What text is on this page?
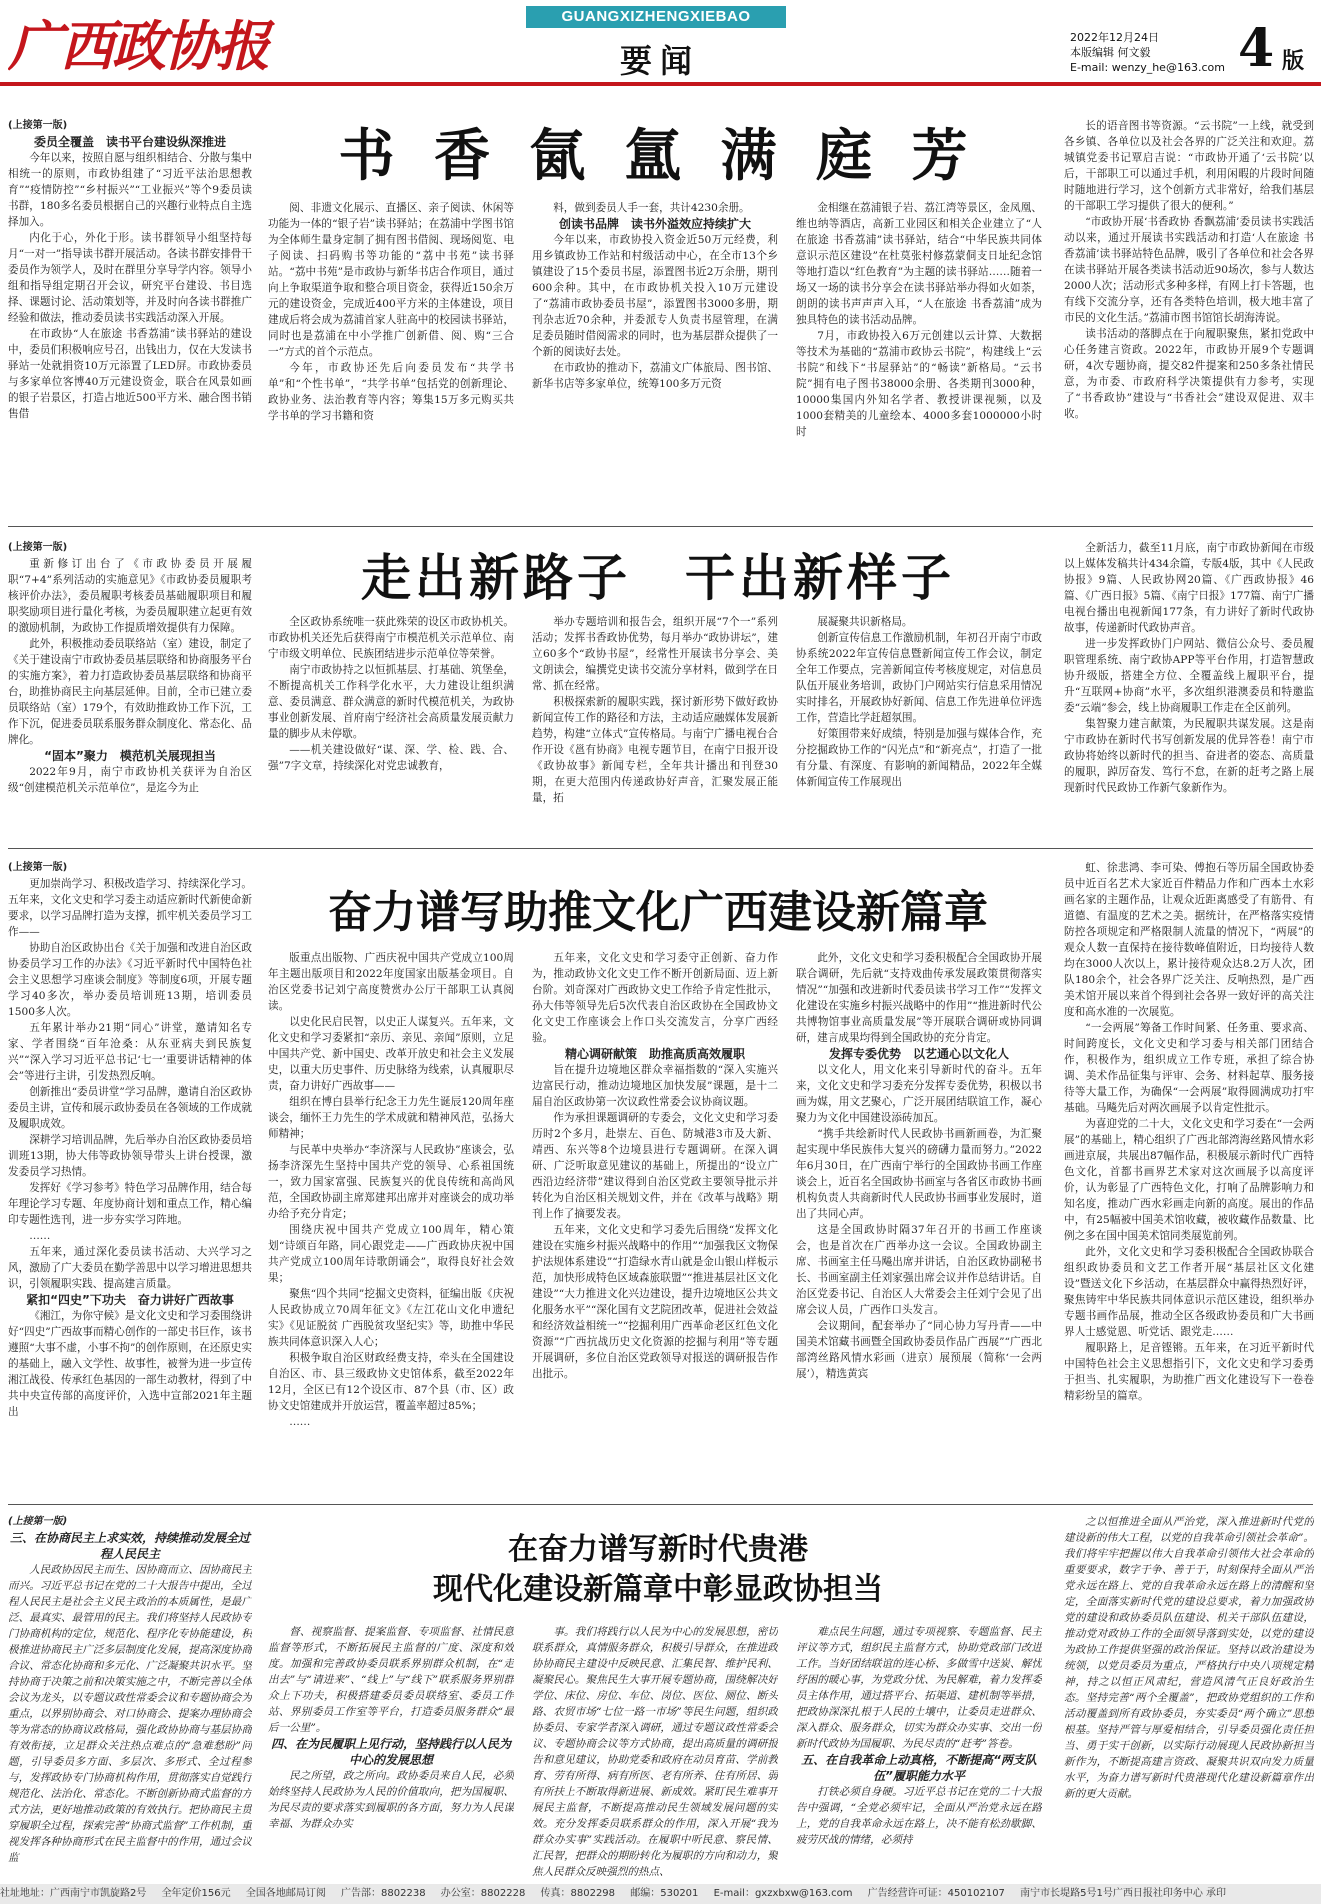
广西政协报	GUANGXIZHENGXIEBAO
要闻
2022年12月24日
本版编辑 何文毅
E-mail: wenzy_he@163.com 4 版

(上接第一版)

委员全覆盖　读书平台建设纵深推进

今年以来，按照自愿与组织相结合、分散与集中相统一的原则，市政协组建了“习近平法治思想教育”“疫情防控”“乡村振兴”“工业振兴”等个9委员读书群，180多名委员根据自己的兴趣行业特点自主选择加入。

内化于心，外化于形。读书群领导小组坚持每月“一对一”指导读书群开展活动。各读书群安排骨干委员作为领学人，及时在群里分享导学内容。领导小组和指导组定期召开会议，研究平台建设、书目选择、课题讨论、活动策划等，并及时向各读书群推广经验和做法，推动委员读书实践活动深入开展。

在市政协“人在旅途 书香荔浦”读书驿站的建设中，委员们积极响应号召，出钱出力，仅在大发读书驿站一处就捐资10万元添置了LED屏。市政协委员与多家单位客博40万元建设资金，联合在风景如画的银子岩景区，打造占地近500平方米、融合图书销售借

书 香 氤 氲 满 庭 芳

阅、非遗文化展示、直播区、亲子阅读、休闲等功能为一体的“银子岩”读书驿站；在荔浦中学图书馆为全体师生量身定制了拥有图书借阅、现场阅览、电子阅读、扫码购书等功能的“荔中书苑”读书驿站。“荔中书苑”是市政协与新华书店合作项目，通过向上争取渠道争取和整合项目资金，获得近150余万元的建设资金，完成近400平方米的主体建设，项目建成后将会成为荔浦首家人驻高中的校园读书驿站，同时也是荔浦在中小学推广创新借、阅、购“三合一”方式的首个示范点。

今年，市政协还先后向委员发布“共学书单”和“个性书单”，“共学书单”包括党的创新理论、政协业务、法治教育等内容；筹集15万多元购买共学书单的学习书籍和资

料，做到委员人手一套，共计4230余册。

创读书品牌　读书外溢效应持续扩大

今年以来，市政协投入资金近50万元经费，利用乡镇政协工作站和村级活动中心，在全市13个乡镇建设了15个委员书屋，添置图书近2万余册，期刊600余种。其中，在市政协机关投入10万元建设了“荔浦市政协委员书屋”，添置图书3000多册，期刊杂志近70余种，并委派专人负责书屋管理，在满足委员随时借阅需求的同时，也为基层群众提供了一个新的阅读好去处。

在市政协的推动下，荔浦文广体旅局、图书馆、新华书店等多家单位，统筹100多万元资

金相继在荔浦银子岩、荔江湾等景区，金凤凰、维也纳等酒店，高新工业园区和相关企业建立了“人在旅途 书香荔浦”读书驿站，结合“中华民族共同体意识示范区建设”在杜莫张村修荔蒙侗支日址纪念馆等地打造以“红色教育”为主题的读书驿站……随着一场又一场的读书分享会在读书驿站举办得如火如荼，朗朗的读书声声声入耳，“人在旅途 书香荔浦”成为独具特色的读书活动品牌。

7月，市政协投入6万元创建以云计算、大数据等技术为基础的“荔浦市政协云书院”，构建线上“云书院”和线下“书屋驿站”的“畅读”新格局。“云书院”拥有电子图书38000余册、各类期刊3000种，10000集国内外知名学者、教授讲课视频，以及1000套精美的儿童绘本、4000多套1000000小时时

长的语音图书等资源。“云书院”一上线，就受到各乡镇、各单位以及社会各界的广泛关注和欢迎。荔城镇党委书记覃启吉说：“市政协开通了‘云书院’以后，干部职工可以通过手机，利用闲暇的片段时间随时随地进行学习，这个创新方式非常好，给我们基层的干部职工学习提供了很大的便利。”

“市政协开展‘书香政协 香飘荔浦’委员读书实践活动以来，通过开展读书实践活动和打造‘人在旅途 书香荔浦’读书驿站特色品牌，吸引了各单位和社会各界在读书驿站开展各类读书活动近90场次，参与人数达2000人次；活动形式多种多样，有网上打卡答题，也有线下交流分享，还有各类特色培训，极大地丰富了市民的文化生活。”荔浦市图书馆馆长胡海涛说。

读书活动的落脚点在于向履职聚焦，紧扣党政中心任务建言资政。2022年，市政协开展9个专题调研，4次专题协商，提交82件提案和250多条社情民意，为市委、市政府科学决策提供有力参考，实现了“书香政协”建设与“书香社会”建设双促进、双丰收。

(上接第一版)

重新修订出台了《市政协委员开展履职“7+4”系列活动的实施意见》《市政协委员履职考核评价办法》，委员履职考核委员基础履职项目和履职奖励项目进行量化考核，为委员履职建立起更有效的激励机制，为政协工作提质增效提供有力保障。

此外，积极推动委员联络站（室）建设，制定了《关于建设南宁市政协委员基层联络和协商服务平台的实施方案》，着力打造政协委员基层联络和协商平台，助推协商民主向基层延伸。目前，全市已建立委员联络站（室）179个，有效助推政协工作下沉，工作下沉，促进委员联系服务群众制度化、常态化、品牌化。

“固本”聚力　模范机关展现担当

2022年9月，南宁市政协机关获评为自治区级“创建模范机关示范单位”，是迄今为止

走出新路子　干出新样子

全区政协系统唯一获此殊荣的设区市政协机关。市政协机关还先后获得南宁市模范机关示范单位、南宁市级文明单位、民族团结进步示范单位等荣誉。

南宁市政协持之以恒抓基层、打基础、筑堡垒，不断提高机关工作科学化水平，大力建设让组织满意、委员满意、群众满意的新时代模范机关，为政协事业创新发展、首府南宁经济社会高质量发展贡献力量的脚步从未停歇。

——机关建设做好“谋、深、学、检、践、合、强”7字文章，持续深化对党忠诚教育，

举办专题培训和报告会，组织开展“7个一”系列活动；发挥书香政协优势，每月举办“政协讲坛”，建立60多个“政协书屋”，经常性开展读书分享会、美文朗读会，编撰党史读书交流分享材料，做到学在日常、抓在经常。

积极探索新的履职实践，探讨新形势下做好政协新闻宣传工作的路径和方法，主动适应融媒体发展新趋势，构建“立体式”宣传格局。与南宁广播电视台合作开设《邕有协商》电视专题节目，在南宁日报开设《政协故事》新闻专栏，全年共计播出和刊登30期，在更大范围内传递政协好声音，汇聚发展正能量，拓

展凝聚共识新格局。

创新宣传信息工作激励机制，年初召开南宁市政协系统2022年宣传信息暨新闻宣传工作会议，制定全年工作要点，完善新闻宣传考核度规定，对信息员队伍开展业务培训，政协门户网站实行信息采用情况实时排名，开展政协好新闻、信息工作先进单位评选工作，营造比学赶超氛围。

好策围带来好成绩，特别是加强与媒体合作，充分挖掘政协工作的“闪光点”和“新亮点”，打造了一批有分量、有深度、有影响的新闻精品，2022年全媒体新闻宣传工作展现出

全新活力，截至11月底，南宁市政协新闻在市级以上媒体发稿共计434余篇，专版4版，其中《人民政协报》9篇、人民政协网20篇、《广西政协报》46篇、《广西日报》5篇、《南宁日报》177篇、南宁广播电视台播出电视新闻177条，有力讲好了新时代政协故事，传递新时代政协声音。

进一步发挥政协门户网站、微信公众号、委员履职管理系统、南宁政协APP等平台作用，打造智慧政协升级版，搭建全方位、全覆盖线上履职平台，提升“互联网+协商”水平，多次组织港澳委员和特邀监委“云端”参会，线上协商履职工作走在全区前列。

集智聚力建言献策，为民履职共谋发展。这是南宁市政协在新时代书写创新发展的优异答卷！南宁市政协将始终以新时代的担当、奋进者的姿态、高质量的履职，踔厉奋发、笃行不怠，在新的赶考之路上展现新时代民政协工作新气象新作为。

(上接第一版)

更加崇尚学习、积极改造学习、持续深化学习。五年来，文化文史和学习委主动适应新时代新使命新要求，以学习品牌打造为支撑，抓牢机关委员学习工作——

协助自治区政协出台《关于加强和改进自治区政协委员学习工作的办法》《习近平新时代中国特色社会主义思想学习座谈会制度》等制度6项，开展专题学习40多次，举办委员培训班13期，培训委员1500多人次。

五年累计举办21期“同心”讲堂，邀请知名专家、学者围绕“百年沧桑：从东亚病夫到民族复兴”“深入学习习近平总书记‘七一’重要讲话精神的体会”等进行主讲，引发热烈反响。

创新推出“委员讲堂”学习品牌，邀请自治区政协委员主讲，宣传和展示政协委员在各领域的工作成就及履职成效。

深耕学习培训品牌，先后举办自治区政协委员培训班13期，协大伟等政协领导带头上讲台授课，激发委员学习热情。

发挥好《学习参考》特色学习品牌作用，结合每年理论学习专题、年度协商计划和重点工作，精心编印专题性选刊，进一步夯实学习阵地。

……

五年来，通过深化委员读书活动、大兴学习之风，激励了广大委员在勤学善思中以学习增进思想共识，引领履职实践、提高建言质量。

紧扣“四史”下功夫　奋力讲好广西故事

《湘江，为你守候》是文化文史和学习委围绕讲好“四史”广西故事而精心创作的一部史书巨作，该书遵照“大事不虚，小事不拘”的创作原则，在还原史实的基础上，融入文学性、故事性，被誉为进一步宣传湘江战役、传承红色基因的一部生动教材，得到了中共中央宣传部的高度评价，入选中宣部2021年主题出

奋力谱写助推文化广西建设新篇章

版重点出版物、广西庆祝中国共产党成立100周年主题出版项目和2022年度国家出版基金项目。自治区党委书记刘宁高度赞赏办公厅干部职工认真阅读。

以史化民启民智，以史正人谋复兴。五年来，文化文史和学习委紧扣“亲历、亲见、亲闻”原则，立足中国共产党、新中国史、改革开放史和社会主义发展史，以重大历史事件、历史脉络为线索，认真履职尽责，奋力讲好广西故事——

组织在博白县举行纪念王力先生诞辰120周年座谈会，缅怀王力先生的学术成就和精神风范，弘扬大师精神；

与民革中央举办“李济深与人民政协”座谈会，弘扬李济深先生坚持中国共产党的领导、心系祖国统一，致力国家富强、民族复兴的优良传统和高尚风范，全国政协副主席郑建邦出席并对座谈会的成功举办给予充分肯定；

围绕庆祝中国共产党成立100周年，精心策划“诗颂百年路，同心跟党走——广西政协庆祝中国共产党成立100周年诗歌朗诵会”，取得良好社会效果；

聚焦“四个共同”挖掘文史资料，征编出版《庆祝人民政协成立70周年征文》《左江花山文化申遗纪实》《见证脱贫 广西脱贫攻坚纪实》等，助推中华民族共同体意识深入人心；

积极争取自治区财政经费支持，牵头在全国建设自治区、市、县三级政协文史馆体系，截至2022年12月，全区已有12个设区市、87个县（市、区）政协文史馆建成并开放运营，覆盖率超过85%；

……

五年来，文化文史和学习委守正创新、奋力作为，推动政协文化文史工作不断开创新局面、迈上新台阶。刘奇深对广西政协文史工作给予肯定性批示，孙大伟等领导先后5次代表自治区政协在全国政协文化文史工作座谈会上作口头交流发言，分享广西经验。

精心调研献策　助推高质高效履职

旨在提升边境地区群众幸福指数的“深入实施兴边富民行动，推动边境地区加快发展”课题，是十二届自治区政协第一次议政性常委会议协商议题。

作为承担课题调研的专委会，文化文史和学习委历时2个多月，赴崇左、百色、防城港3市及大新、靖西、东兴等8个边境县进行专题调研。在深入调研、广泛听取意见建议的基础上，所提出的“设立广西沿边经济带”建议得到自治区党政主要领导批示并转化为自治区相关规划文件，并在《改革与战略》期刊上作了摘要发表。

五年来，文化文史和学习委先后围绕“发挥文化建设在实施乡村振兴战略中的作用”“加强我区文物保护法规体系建设”“打造绿水青山就是金山银山样板示范，加快形成特色区域森旅联盟”“推进基层社区文化建设”“大力推进文化兴边建设，提升边境地区公共文化服务水平”“深化国有文艺院团改革，促进社会效益和经济效益相统一”“挖掘利用广西革命老区红色文化资源”“广西抗战历史文化资源的挖掘与利用”等专题开展调研，多位自治区党政领导对报送的调研报告作出批示。

此外，文化文史和学习委积极配合全国政协开展联合调研，先后就“支持戏曲传承发展政策贯彻落实情况”“加强和改进新时代委员读书学习工作”“发挥文化建设在实施乡村振兴战略中的作用”“推进新时代公共博物馆事业高质量发展”等开展联合调研或协同调研，建言成果均得到全国政协的充分肯定。

发挥专委优势　以艺通心以文化人

以文化人，用文化来引导新时代的奋斗。五年来，文化文史和学习委充分发挥专委优势，积极以书画为媒，用文艺聚心，广泛开展团结联谊工作，凝心聚力为文化中国建设添砖加瓦。

“携手共绘新时代人民政协书画新画卷，为汇聚起实现中华民族伟大复兴的磅礴力量而努力。”2022年6月30日，在广西南宁举行的全国政协书画工作座谈会上，近百名全国政协书画室与各省区市政协书画机构负责人共商新时代人民政协书画事业发展时，道出了共同心声。

这是全国政协时隔37年召开的书画工作座谈会，也是首次在广西举办这一会议。全国政协副主席、书画室主任马飚出席并讲话，自治区政协副秘书长、书画室副主任刘家强出席会议并作总结讲话。自治区党委书记、自治区人大常委会主任刘宁会见了出席会议人员，广西作口头发言。

会议期间，配套举办了“同心协力写丹青——中国美术馆藏书画暨全国政协委员作品广西展”“广西北部湾丝路风情水彩画（进京）展预展（简称‘一会两展’），精选黄宾

虹、徐悲鸿、李可染、傅抱石等历届全国政协委员中近百名艺术大家近百件精品力作和广西本土水彩画名家的主题作品，让观众近距离感受了有筋骨、有道德、有温度的艺术之美。据统计，在严格落实疫情防控各项规定和严格限制人流量的情况下，“两展”的观众人数一直保持在接待数峰值附近，日均接待人数均在3000人次以上，累计接待观众达8.2万人次，团队180余个，社会各界广泛关注、反响热烈，是广西美术馆开展以来首个得到社会各界一致好评的高关注度和高水准的一次展览。

“一会两展”筹备工作时间紧、任务重、要求高、时间跨度长，文化文史和学习委与相关部门团结合作，积极作为，组织成立工作专班，承担了综合协调、美术作品征集与评审、会务、材料起草、服务接待等大量工作，为确保“一会两展”取得圆满成功打牢基础。马飚先后对两次画展予以肯定性批示。

为喜迎党的二十大，文化文史和学习委在“一会两展”的基础上，精心组织了广西北部湾海丝路风情水彩画进京展，共展出87幅作品，积极展示新时代广西特色文化，首都书画界艺术家对这次画展予以高度评价，认为彰显了广西特色文化，打响了品牌影响力和知名度，推动广西水彩画走向新的高度。展出的作品中，有25幅被中国美术馆收藏，被收藏作品数量、比例之多在国中国美术馆同类展览前列。

此外，文化文史和学习委积极配合全国政协联合组织政协委员和文艺工作者开展“基层社区文化建设”暨送文化下乡活动，在基层群众中赢得热烈好评，聚焦铸牢中华民族共同体意识示范区建设，组织举办专题书画作品展，推动全区各级政协委员和广大书画界人士感觉恩、听党话、跟党走……

履职路上，足音铿锵。五年来，在习近平新时代中国特色社会主义思想指引下，文化文史和学习委勇于担当、扎实履职，为助推广西文化建设写下一卷卷精彩纷呈的篇章。

(上接第一版)

三、在协商民主上求实效，持续推动发展全过程人民民主

人民政协因民主而生、因协商而立、因协商民主而兴。习近平总书记在党的二十大报告中提出，全过程人民民主是社会主义民主政治的本质属性，是最广泛、最真实、最管用的民主。我们将坚持人民政协专门协商机构的定位，规范化、程序化专协能建设，积极推进协商民主广泛多层制度化发展，提高深度协商合议、常态化协商和多元化、广泛凝聚共识水平。坚持协商于决策之前和决策实施之中，不断完善以全体会议为龙头，以专题议政性常委会议和专题协商会为重点，以界别协商会、对口协商会、提案办理协商会等为常态的协商议政格局，强化政协协商与基层协商有效衔接，立足群众关注热点难点的“急难愁盼”问题，引导委员多方面、多层次、多形式、全过程参与，发挥政协专门协商机构作用，贯彻落实自觉践行规范化、法治化、常态化。不断创新协商式监督的方式方法，更好地推动政策的有效执行。把协商民主贯穿履职全过程，探索完善“协商式监督”工作机制，重视发挥各种协商形式在民主监督中的作用，通过会议监

在奋力谱写新时代贵港
现代化建设新篇章中彰显政协担当

督、视察监督、提案监督、专项监督、社情民意监督等形式，不断拓展民主监督的广度、深度和效度。加强和完善政协委员联系界别群众机制，在“走出去”与“请进来”、“线上”与“线下”联系服务界别群众上下功夫，积极搭建委员委员联络室、委员工作站、界别委员工作室等平台，打造委员服务群众“最后一公里”。

四、在为民履职上见行动，坚持践行以人民为中心的发展思想

民之所望，政之所向。政协委员来自人民，必须始终坚持人民政协为人民的价值取向，把为国履职、为民尽责的要求落实到履职的各方面，努力为人民谋幸福、为群众办实

事。我们将践行以人民为中心的发展思想，密切联系群众，真情服务群众，积极引导群众，在推进政协协商民主建设中反映民意、汇集民智、维护民利、凝聚民心。聚焦民生大事开展专题协商，围绕解决好学位、床位、房位、车位、岗位、医位、厕位、断头路、农贸市场“七位一路一市场”等民生问题，组织政协委员、专家学者深入调研，通过专题议政性常委会议、专题协商会议等方式协商，提出高质量的调研报告和意见建议，协助党委和政府在动员育苗、学前教育、劳有所得、病有所医、老有所养、住有所居、弱有所扶上不断取得新进展、新成效。紧盯民生难事开展民主监督，不断提高推动民生领域发展问题的实效。充分发挥委员联系群众的作用，深入开展“我为群众办实事”实践活动。在履职中听民意、察民情、汇民智，把群众的期盼转化为履职的方向和动力，聚焦人民群众反映强烈的热点、

难点民生问题，通过专项视察、专题监督、民主评议等方式，组织民主监督方式，协助党政部门改进工作。当好团结联谊的连心桥、多做雪中送炭、解忧纾困的暖心事，为党政分忧、为民解难，着力发挥委员主体作用，通过搭平台、拓渠道、建机制等举措，把政协深深扎根于人民的土壤中，让委员走进群众、深入群众、服务群众，切实为群众办实事、交出一份新时代政协为国履职、为民尽责的“赶考”答卷。

五、在自我革命上动真格，不断提高“两支队伍”履职能力水平

打铁必须自身硬。习近平总书记在党的二十大报告中强调，“全党必须牢记，全面从严治党永远在路上，党的自我革命永远在路上，决不能有松劲歇脚、疲劳厌战的情绪，必须持

之以恒推进全面从严治党，深入推进新时代党的建设新的伟大工程，以党的自我革命引领社会革命”。我们将牢牢把握以伟大自我革命引领伟大社会革命的重要要求，数字于争、善于于，时刻保持全面从严治党永远在路上、党的自我革命永远在路上的清醒和坚定，全面落实新时代党的建设总要求，着力加强政协党的建设和政协委员队伍建设、机关干部队伍建设，推动党对政协工作的全面领导落到实处，以党的建设为政协工作提供坚强的政治保证。坚持以政治建设为统领，以党员委员为重点，严格执行中央八项规定精神，持之以恒正风肃纪，营造风清气正良好政治生态。坚持完善“两个全覆盖”，把政协党组织的工作和活动覆盖到所有政协委员，夯实委员“两个确立”思想根基。坚持严管与厚爱相结合，引导委员强化责任担当、勇于实干创新，以实际行动展现人民政协新担当新作为，不断提高建言资政、凝聚共识双向发力质量水平，为奋力谱写新时代贵港现代化建设新篇章作出新的更大贡献。

社址地址：广西南宁市凯旋路2号 全年定价156元 全国各地邮局订阅 广告部：8802238 办公室：8802228 传真：8802298 邮编：530201 E-mail：gxzxbxw@163.com 广告经营许可证：450102107 南宁市长堤路5号1号广西日报社印务中心 承印
